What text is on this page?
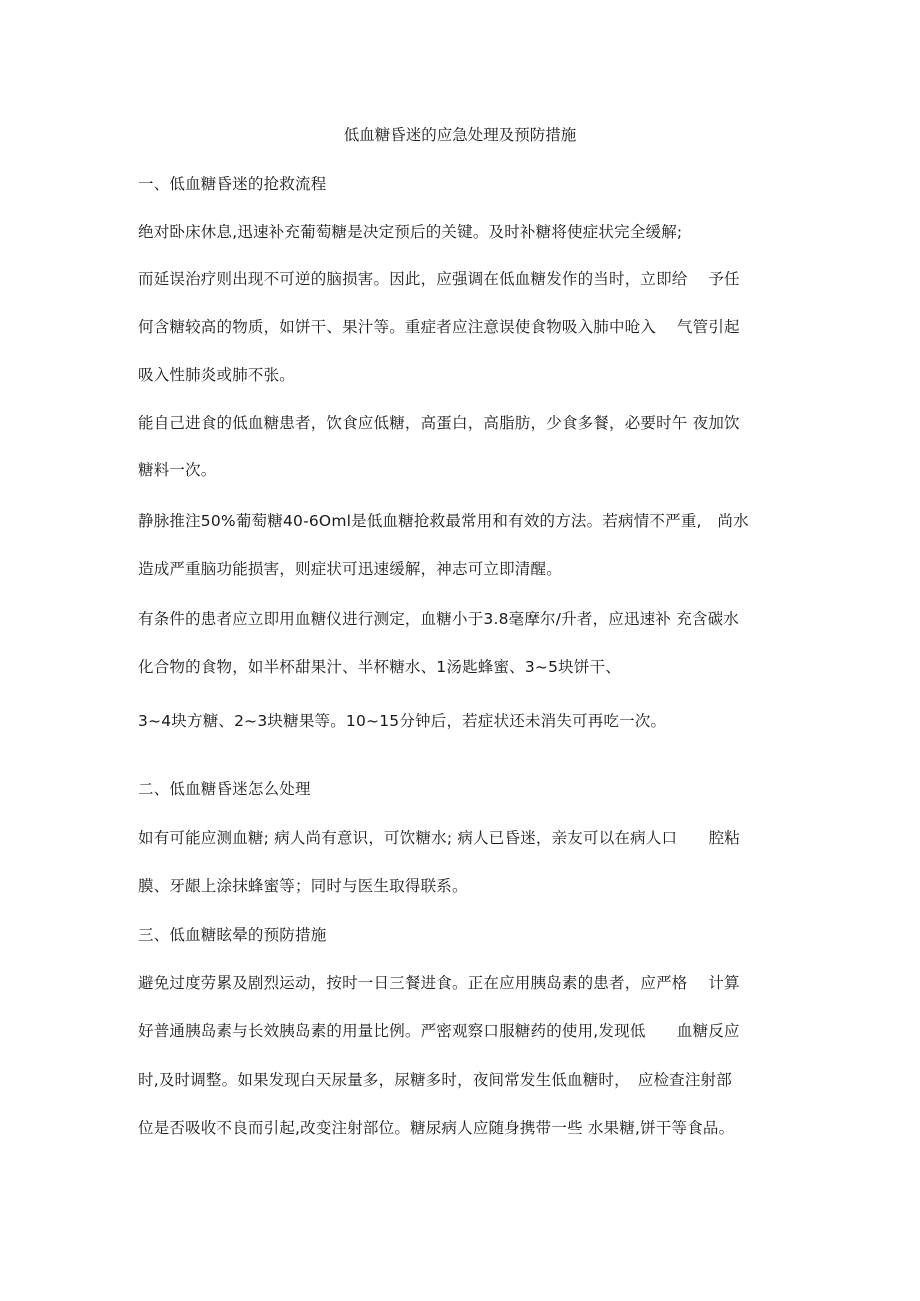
低血糖昏迷的应急处理及预防措施
一、低血糖昏迷的抢救流程
绝对卧床休息,迅速补充葡萄糖是决定预后的关键。及时补糖将使症状完全缓解;
而延误治疗则出现不可逆的脑损害。因此，应强调在低血糖发作的当时，立即给　 予任
何含糖较高的物质，如饼干、果汁等。重症者应注意误使食物吸入肺中呛入　 气管引起
吸入性肺炎或肺不张。
能自己进食的低血糖患者，饮食应低糖，高蛋白，高脂肪，少食多餐，必要时午 夜加饮
糖料一次。
静脉推注50%葡萄糖40-6Oml是低血糖抢救最常用和有效的方法。若病情不严重,　尚水
造成严重脑功能损害，则症状可迅速缓解，神志可立即清醒。
有条件的患者应立即用血糖仪进行测定，血糖小于3.8毫摩尔/升者，应迅速补 充含碳水
化合物的食物，如半杯甜果汁、半杯糖水、1汤匙蜂蜜、3~5块饼干、
3~4块方糖、2~3块糖果等。10~15分钟后，若症状还未消失可再吃一次。
二、低血糖昏迷怎么处理
如有可能应测血糖; 病人尚有意识，可饮糖水; 病人已昏迷，亲友可以在病人口　　腔粘
膜、牙龈上涂抹蜂蜜等；同时与医生取得联系。
三、低血糖眩晕的预防措施
避免过度劳累及剧烈运动，按时一日三餐进食。正在应用胰岛素的患者，应严格　 计算
好普通胰岛素与长效胰岛素的用量比例。严密观察口服糖药的使用,发现低　　血糖反应
时,及时调整。如果发现白天尿量多，尿糖多时，夜间常发生低血糖时，　应检查注射部
位是否吸收不良而引起,改变注射部位。糖尿病人应随身携带一些 水果糖,饼干等食品。
